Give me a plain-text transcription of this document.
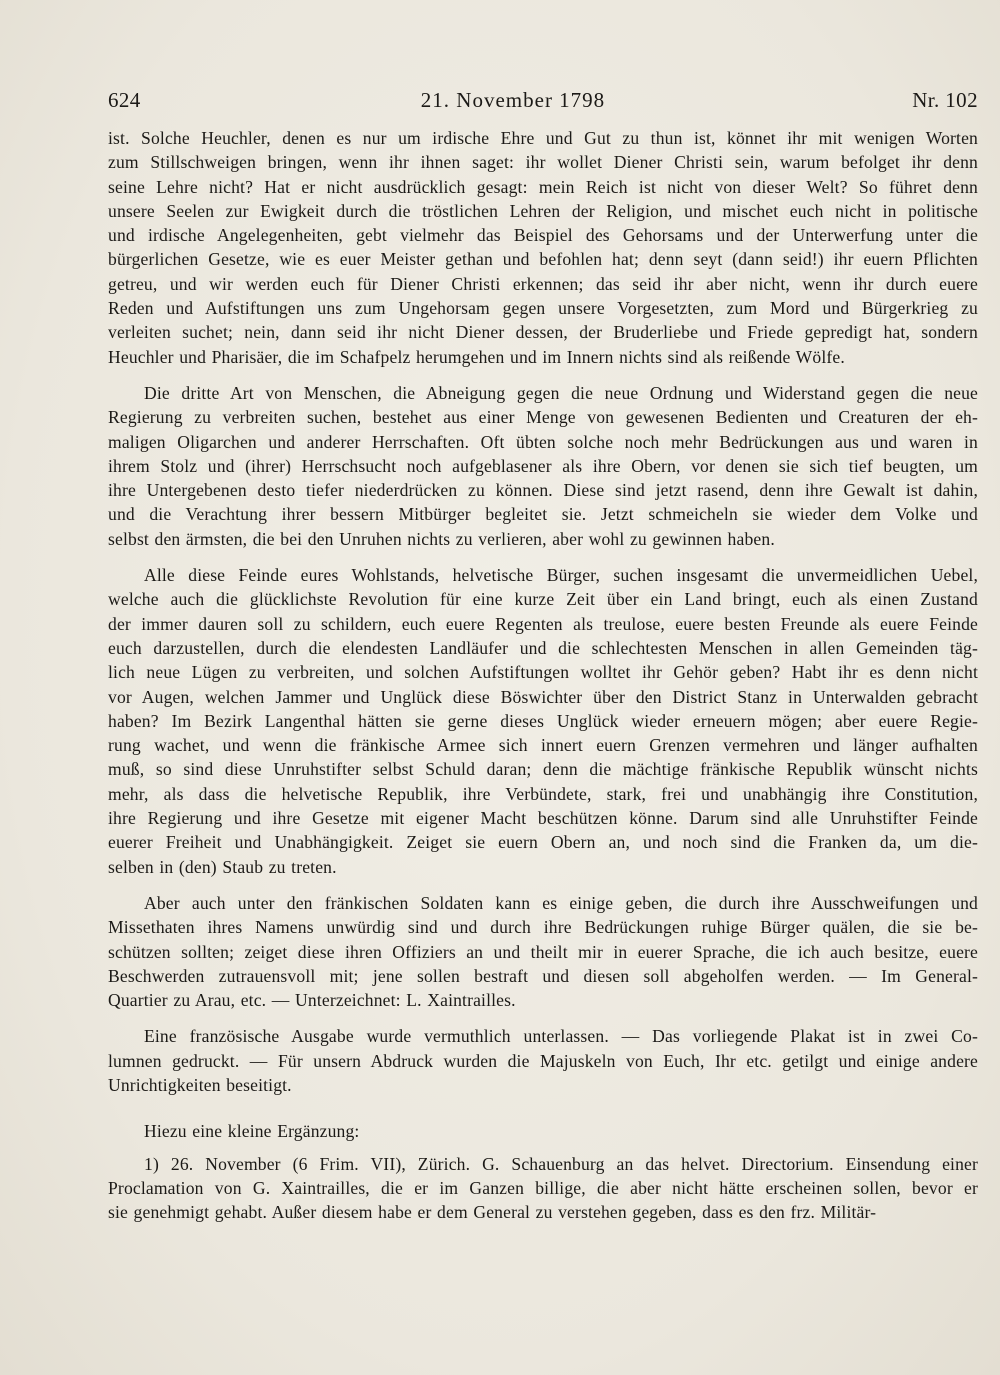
624	21. November 1798	Nr. 102
ist. Solche Heuchler, denen es nur um irdische Ehre und Gut zu thun ist, könnet ihr mit wenigen Worten
zum Stillschweigen bringen, wenn ihr ihnen saget: ihr wollet Diener Christi sein, warum befolget ihr denn
seine Lehre nicht? Hat er nicht ausdrücklich gesagt: mein Reich ist nicht von dieser Welt? So führet denn
unsere Seelen zur Ewigkeit durch die tröstlichen Lehren der Religion, und mischet euch nicht in politische
und irdische Angelegenheiten, gebt vielmehr das Beispiel des Gehorsams und der Unterwerfung unter die
bürgerlichen Gesetze, wie es euer Meister gethan und befohlen hat; denn seyt (dann seid!) ihr euern Pflichten
getreu, und wir werden euch für Diener Christi erkennen; das seid ihr aber nicht, wenn ihr durch euere
Reden und Aufstiftungen uns zum Ungehorsam gegen unsere Vorgesetzten, zum Mord und Bürgerkrieg zu
verleiten suchet; nein, dann seid ihr nicht Diener dessen, der Bruderliebe und Friede gepredigt hat, sondern
Heuchler und Pharisäer, die im Schafpelz herumgehen und im Innern nichts sind als reißende Wölfe.
Die dritte Art von Menschen, die Abneigung gegen die neue Ordnung und Widerstand gegen die neue
Regierung zu verbreiten suchen, bestehet aus einer Menge von gewesenen Bedienten und Creaturen der eh-
maligen Oligarchen und anderer Herrschaften. Oft übten solche noch mehr Bedrückungen aus und waren in
ihrem Stolz und (ihrer) Herrschsucht noch aufgeblasener als ihre Obern, vor denen sie sich tief beugten, um
ihre Untergebenen desto tiefer niederdrücken zu können. Diese sind jetzt rasend, denn ihre Gewalt ist dahin,
und die Verachtung ihrer bessern Mitbürger begleitet sie. Jetzt schmeicheln sie wieder dem Volke und
selbst den ärmsten, die bei den Unruhen nichts zu verlieren, aber wohl zu gewinnen haben.
Alle diese Feinde eures Wohlstands, helvetische Bürger, suchen insgesamt die unvermeidlichen Uebel,
welche auch die glücklichste Revolution für eine kurze Zeit über ein Land bringt, euch als einen Zustand
der immer dauren soll zu schildern, euch euere Regenten als treulose, euere besten Freunde als euere Feinde
euch darzustellen, durch die elendesten Landläufer und die schlechtesten Menschen in allen Gemeinden täg-
lich neue Lügen zu verbreiten, und solchen Aufstiftungen wolltet ihr Gehör geben? Habt ihr es denn nicht
vor Augen, welchen Jammer und Unglück diese Böswichter über den District Stanz in Unterwalden gebracht
haben? Im Bezirk Langenthal hätten sie gerne dieses Unglück wieder erneuern mögen; aber euere Regie-
rung wachet, und wenn die fränkische Armee sich innert euern Grenzen vermehren und länger aufhalten
muß, so sind diese Unruhstifter selbst Schuld daran; denn die mächtige fränkische Republik wünscht nichts
mehr, als dass die helvetische Republik, ihre Verbündete, stark, frei und unabhängig ihre Constitution,
ihre Regierung und ihre Gesetze mit eigener Macht beschützen könne. Darum sind alle Unruhstifter Feinde
euerer Freiheit und Unabhängigkeit. Zeiget sie euern Obern an, und noch sind die Franken da, um die-
selben in (den) Staub zu treten.
Aber auch unter den fränkischen Soldaten kann es einige geben, die durch ihre Ausschweifungen und
Missethaten ihres Namens unwürdig sind und durch ihre Bedrückungen ruhige Bürger quälen, die sie be-
schützen sollten; zeiget diese ihren Offiziers an und theilt mir in euerer Sprache, die ich auch besitze, euere
Beschwerden zutrauensvoll mit; jene sollen bestraft und diesen soll abgeholfen werden. — Im General-
Quartier zu Arau, etc. — Unterzeichnet: L. Xaintrailles.
Eine französische Ausgabe wurde vermuthlich unterlassen. — Das vorliegende Plakat ist in zwei Co-
lumnen gedruckt. — Für unsern Abdruck wurden die Majuskeln von Euch, Ihr etc. getilgt und einige andere
Unrichtigkeiten beseitigt.
Hiezu eine kleine Ergänzung:
1) 26. November (6 Frim. VII), Zürich. G. Schauenburg an das helvet. Directorium. Einsendung einer
Proclamation von G. Xaintrailles, die er im Ganzen billige, die aber nicht hätte erscheinen sollen, bevor er
sie genehmigt gehabt. Außer diesem habe er dem General zu verstehen gegeben, dass es den frz. Militär-
